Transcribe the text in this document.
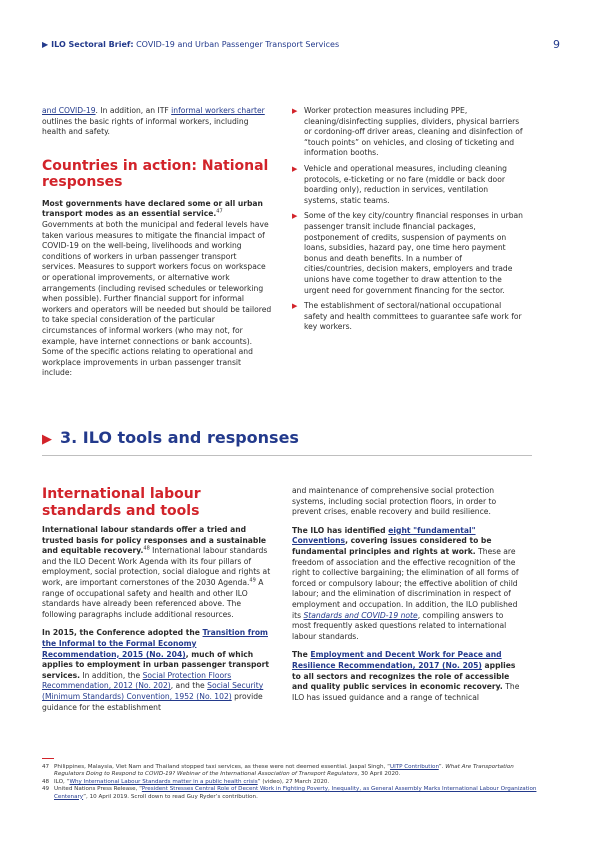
▶ ILO Sectoral Brief: COVID-19 and Urban Passenger Transport Services	9

and COVID-19. In addition, an ITF informal workers charter outlines the basic rights of informal workers, including health and safety.

Countries in action: National responses

Most governments have declared some or all urban transport modes as an essential service.$^{47}$ Governments at both the municipal and federal levels have taken various measures to mitigate the financial impact of COVID-19 on the well-being, livelihoods and working conditions of workers in urban passenger transport services. Measures to support workers focus on workspace or operational improvements, or alternative work arrangements (including revised schedules or teleworking when possible). Further financial support for informal workers and operators will be needed but should be tailored to take special consideration of the particular circumstances of informal workers (who may not, for example, have internet connections or bank accounts). Some of the specific actions relating to operational and workplace improvements in urban passenger transit include:

▶ Worker protection measures including PPE, cleaning/disinfecting supplies, dividers, physical barriers or cordoning-off driver areas, cleaning and disinfection of “touch points” on vehicles, and closing of ticketing and information booths.
▶ Vehicle and operational measures, including cleaning protocols, e-ticketing or no fare (middle or back door boarding only), reduction in services, ventilation systems, static teams.
▶ Some of the key city/country financial responses in urban passenger transit include financial packages, postponement of credits, suspension of payments on loans, subsidies, hazard pay, one time hero payment bonus and death benefits. In a number of cities/countries, decision makers, employers and trade unions have come together to draw attention to the urgent need for government financing for the sector.
▶ The establishment of sectoral/national occupational safety and health committees to guarantee safe work for key workers.
▶ 3. ILO tools and responses
International labour standards and tools

International labour standards offer a tried and trusted basis for policy responses and a sustainable and equitable recovery.$^{48}$ International labour standards and the ILO Decent Work Agenda with its four pillars of employment, social protection, social dialogue and rights at work, are important cornerstones of the 2030 Agenda.$^{49}$ A range of occupational safety and health and other ILO standards have already been referenced above. The following paragraphs include additional resources.

In 2015, the Conference adopted the Transition from the Informal to the Formal Economy Recommendation, 2015 (No. 204), much of which applies to employment in urban passenger transport services. In addition, the Social Protection Floors Recommendation, 2012 (No. 202), and the Social Security (Minimum Standards) Convention, 1952 (No. 102) provide guidance for the establishment

and maintenance of comprehensive social protection systems, including social protection floors, in order to prevent crises, enable recovery and build resilience.

The ILO has identified eight "fundamental" Conventions, covering issues considered to be fundamental principles and rights at work. These are freedom of association and the effective recognition of the right to collective bargaining; the elimination of all forms of forced or compulsory labour; the effective abolition of child labour; and the elimination of discrimination in respect of employment and occupation. In addition, the ILO published its Standards and COVID-19 note, compiling answers to most frequently asked questions related to international labour standards.

The Employment and Decent Work for Peace and Resilience Recommendation, 2017 (No. 205) applies to all sectors and recognizes the role of accessible and quality public services in economic recovery. The ILO has issued guidance and a range of technical

47 Philippines, Malaysia, Viet Nam and Thailand stopped taxi services, as these were not deemed essential. Jaspal Singh, “UITP Contribution”. What Are Transportation Regulators Doing to Respond to COVID-19? Webinar of the International Association of Transport Regulators, 30 April 2020.
48 ILO, “Why International Labour Standards matter in a public health crisis” (video), 27 March 2020.
49 United Nations Press Release, “President Stresses Central Role of Decent Work in Fighting Poverty, Inequality, as General Assembly Marks International Labour Organization Centenary”, 10 April 2019. Scroll down to read Guy Ryder’s contribution.
